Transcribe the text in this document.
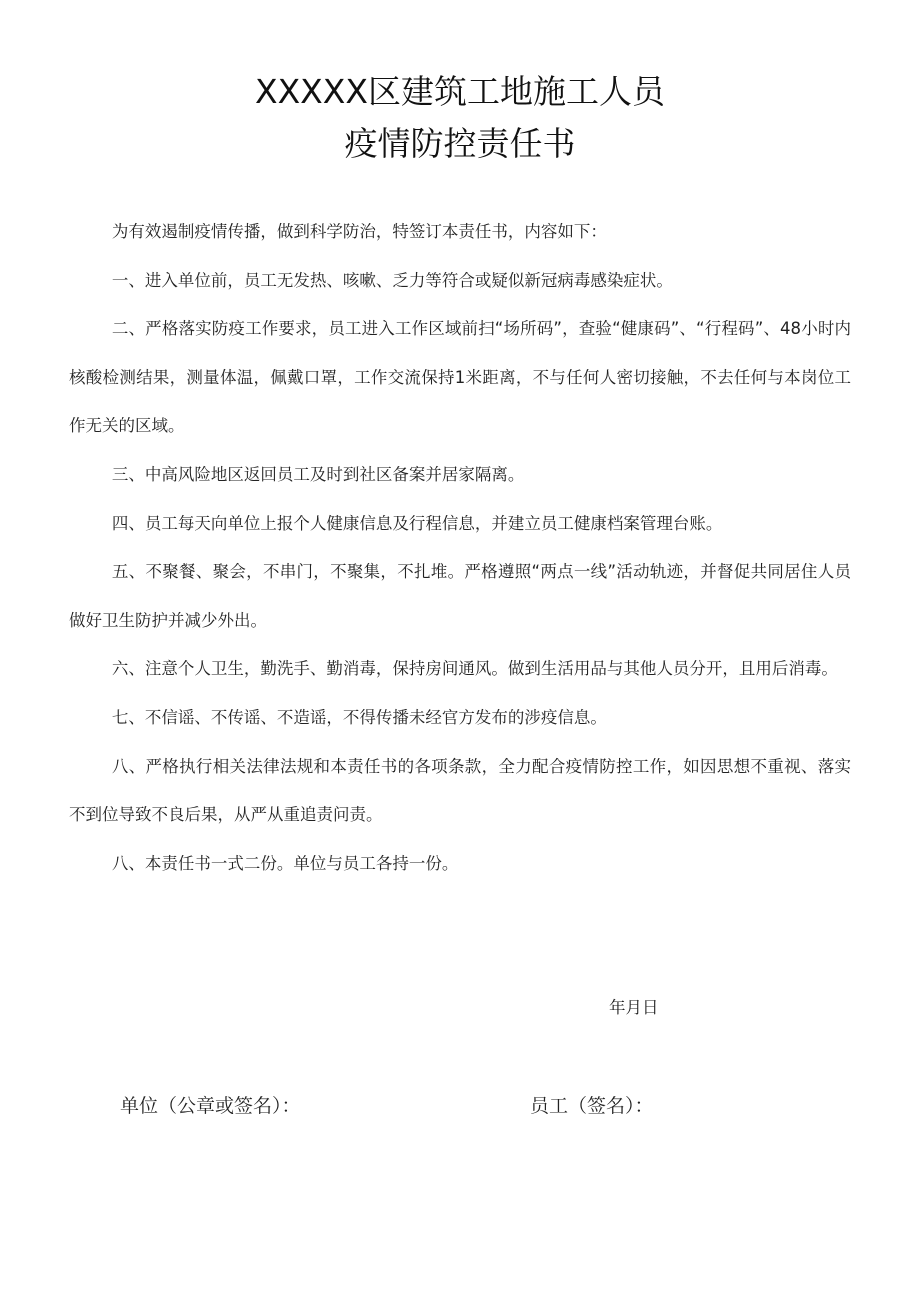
XXXXX区建筑工地施工人员
疫情防控责任书

为有效遏制疫情传播，做到科学防治，特签订本责任书，内容如下：

一、进入单位前，员工无发热、咳嗽、乏力等符合或疑似新冠病毒感染症状。

二、严格落实防疫工作要求，员工进入工作区域前扫“场所码”，查验“健康码”、“行程码”、48小时内核酸检测结果，测量体温，佩戴口罩，工作交流保持1米距离，不与任何人密切接触，不去任何与本岗位工作无关的区域。

三、中高风险地区返回员工及时到社区备案并居家隔离。

四、员工每天向单位上报个人健康信息及行程信息，并建立员工健康档案管理台账。

五、不聚餐、聚会，不串门，不聚集，不扎堆。严格遵照“两点一线”活动轨迹，并督促共同居住人员做好卫生防护并减少外出。

六、注意个人卫生，勤洗手、勤消毒，保持房间通风。做到生活用品与其他人员分开，且用后消毒。

七、不信谣、不传谣、不造谣，不得传播未经官方发布的涉疫信息。

八、严格执行相关法律法规和本责任书的各项条款，全力配合疫情防控工作，如因思想不重视、落实不到位导致不良后果，从严从重追责问责。

八、本责任书一式二份。单位与员工各持一份。

年月日
单位（公章或签名）：	员工（签名）：
